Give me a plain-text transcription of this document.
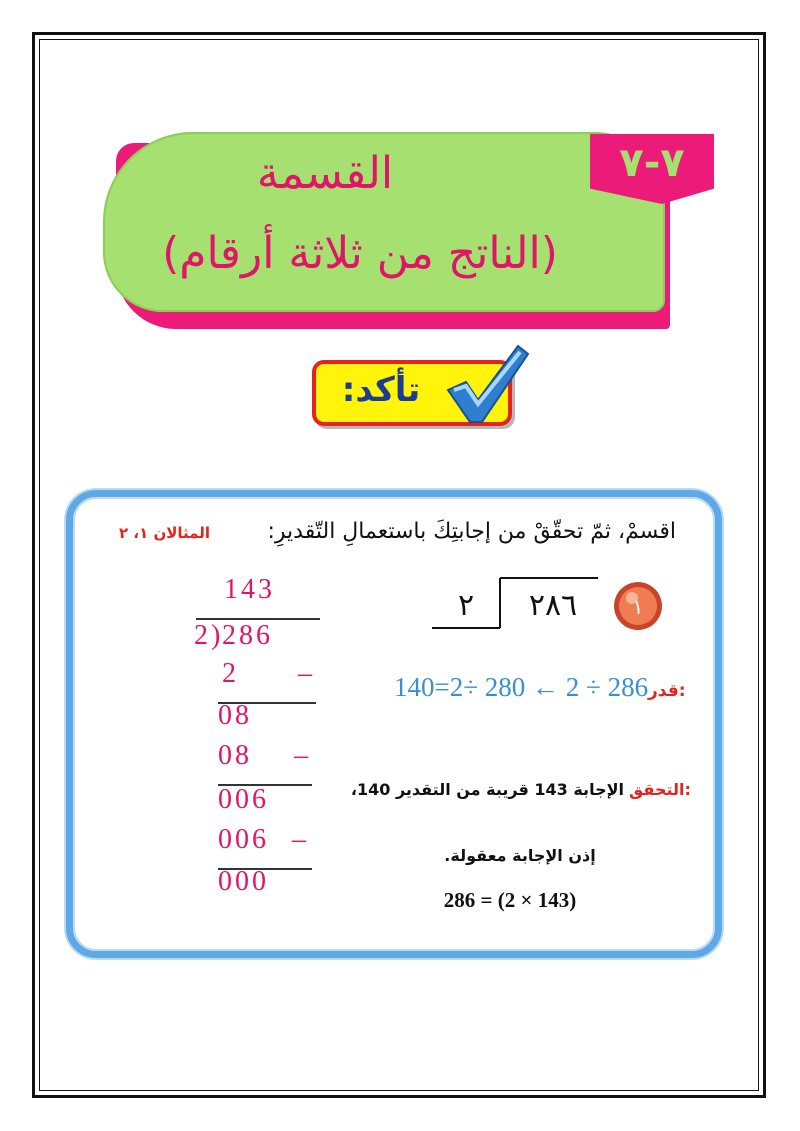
القسمة
(الناتج من ثلاثة أرقام)
٧-٧
تأكد:
اقسمْ، ثمّ تحقّقْ من إجابتِكَ باستعمالِ التّقديرِ:
المثالان ١، ٢
١
٢٨٦
٢
قدر:
140=2÷ 280 ← 2 ÷ 286
التحقق:
الإجابة 143 قريبة من التقدير 140،
إذن الإجابة معقولة.
286 = (2 × 143)
143
2)
286
2 –
08
08 –
006
006 –
000
